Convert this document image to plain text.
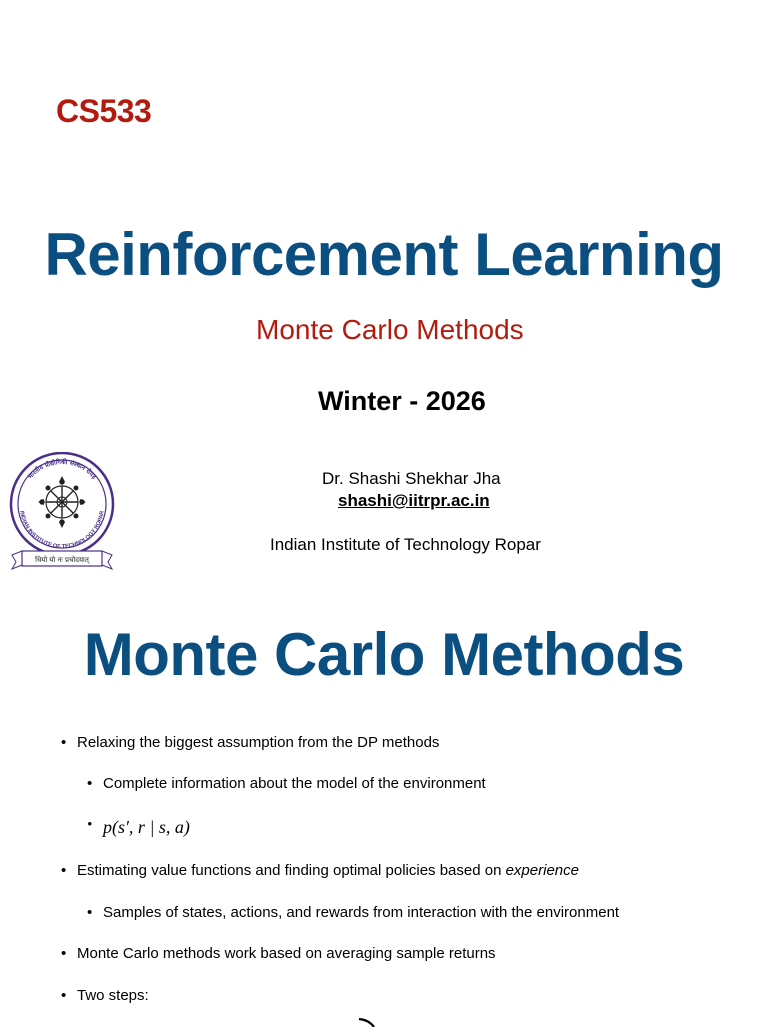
CS533
Reinforcement Learning
Monte Carlo Methods
Winter - 2026
भारतीय प्रौद्योगिकी संस्थान रोपड़
INDIAN INSTITUTE OF TECHNOLOGY ROPAR
धियो यो नः प्रचोदयात्
Dr. Shashi Shekhar Jha
shashi@iitrpr.ac.in
Indian Institute of Technology Ropar
Monte Carlo Methods
• Relaxing the biggest assumption from the DP methods
• Complete information about the model of the environment
• p(s′, r | s, a)
• Estimating value functions and finding optimal policies based on experience
• Samples of states, actions, and rewards from interaction with the environment
• Monte Carlo methods work based on averaging sample returns
• Two steps:
